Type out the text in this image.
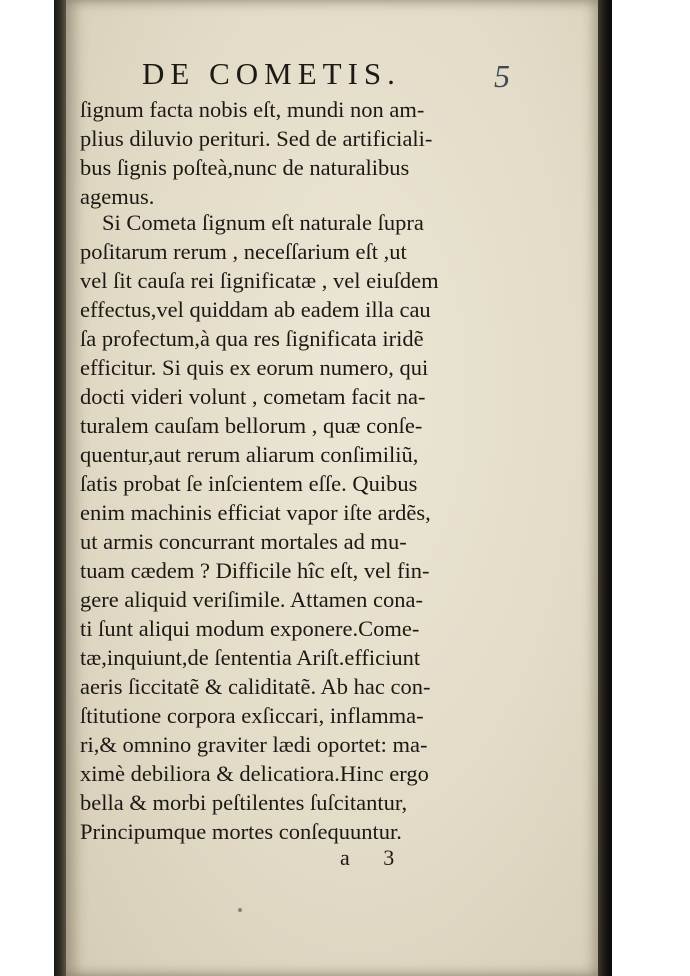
DE COMETIS.	5
ſignum facta nobis eſt, mundi non am-
plius diluvio perituri. Sed de artificiali-
bus ſignis poſteà,nunc de naturalibus
agemus.
Si Cometa ſignum eſt naturale ſupra
poſitarum rerum , neceſſarium eſt ,ut
vel ſit cauſa rei ſignificatæ , vel eiuſdem
effectus,vel quiddam ab eadem illa cau
ſa profectum,à qua res ſignificata iridẽ
efficitur. Si quis ex eorum numero, qui
docti videri volunt , cometam facit na-
turalem cauſam bellorum , quæ conſe-
quentur,aut rerum aliarum conſimiliũ,
ſatis probat ſe inſcientem eſſe. Quibus
enim machinis efficiat vapor iſte ardẽs,
ut armis concurrant mortales ad mu-
tuam cædem ? Difficile hîc eſt, vel fin-
gere aliquid veriſimile. Attamen cona-
ti ſunt aliqui modum exponere.Come-
tæ,inquiunt,de ſententia Ariſt.efficiunt
aeris ſiccitatẽ & caliditatẽ. Ab hac con-
ſtitutione corpora exſiccari, inflamma-
ri,& omnino graviter lædi oportet: ma-
ximè debiliora & delicatiora.Hinc ergo
bella & morbi peſtilentes ſuſcitantur,
Principumque mortes conſequuntur.
a 3
